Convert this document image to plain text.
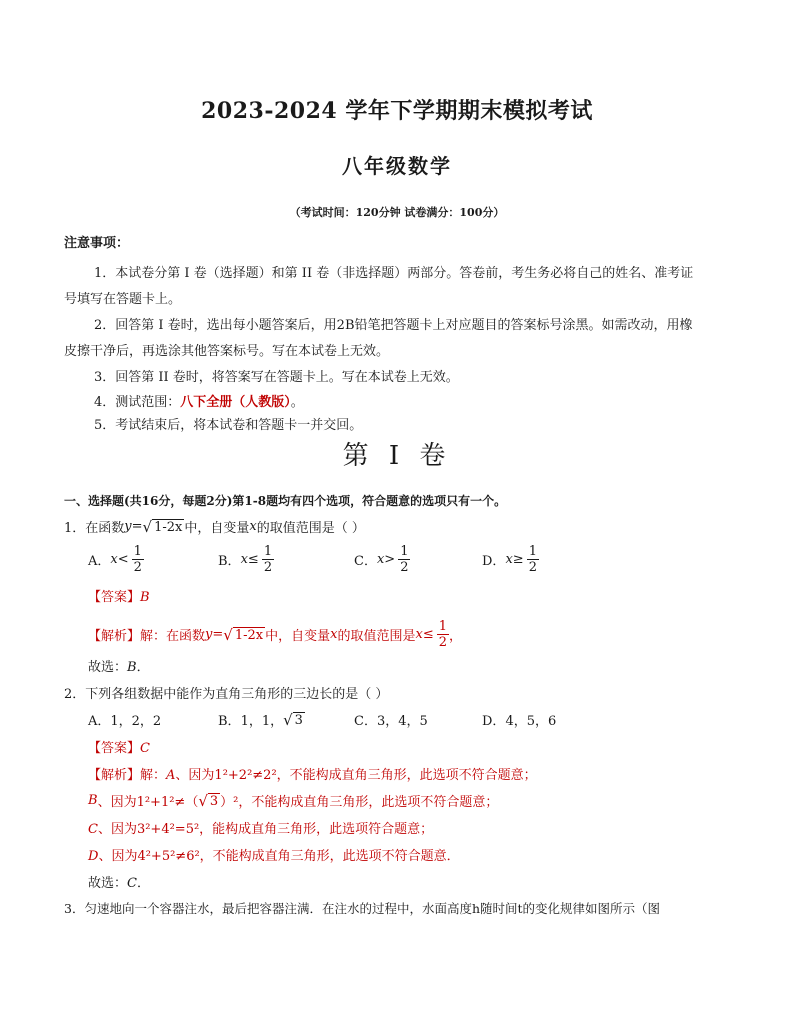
2023-2024 学年下学期期末模拟考试
八年级数学
（考试时间：120分钟 试卷满分：100分）
注意事项：
1．本试卷分第 I 卷（选择题）和第 II 卷（非选择题）两部分。答卷前，考生务必将自己的姓名、准考证
号填写在答题卡上。
2．回答第 I 卷时，选出每小题答案后，用2B铅笔把答题卡上对应题目的答案标号涂黑。如需改动，用橡
皮擦干净后，再选涂其他答案标号。写在本试卷上无效。
3．回答第 II 卷时，将答案写在答题卡上。写在本试卷上无效。
4．测试范围：八下全册（人教版）。
5．考试结束后，将本试卷和答题卡一并交回。
第 I 卷
一、选择题(共16分，每题2分)第1-8题均有四个选项，符合题意的选项只有一个。
1．在函数 y = √ 1-2x 中，自变量 x 的取值范围是（ ）
A． $x < \frac{1}{2}$	B． $x \le \frac{1}{2}$	C． $x > \frac{1}{2}$	D． $x \ge \frac{1}{2}$
【答案】B
【解析】 解：在函数 y = √ 1-2x 中，自变量 x 的取值范围是 $x \le \frac{1}{2}$ ，
故选：B．
2．下列各组数据中能作为直角三角形的三边长的是（ ）
A． 1，2，2	B． 1，1， √ 3	C． 3，4，5	D． 4，5，6
【答案】C
【解析】解：A、因为1²+2²≠2²，不能构成直角三角形，此选项不符合题意；
B 、因为1²+1²≠（ √ 3 ）²，不能构成直角三角形，此选项不符合题意；
C、因为3²+4²=5²，能构成直角三角形，此选项符合题意；
D、因为4²+5²≠6²，不能构成直角三角形，此选项不符合题意．
故选：C．
3．匀速地向一个容器注水，最后把容器注满．在注水的过程中，水面高度h随时间t的变化规律如图所示（图
